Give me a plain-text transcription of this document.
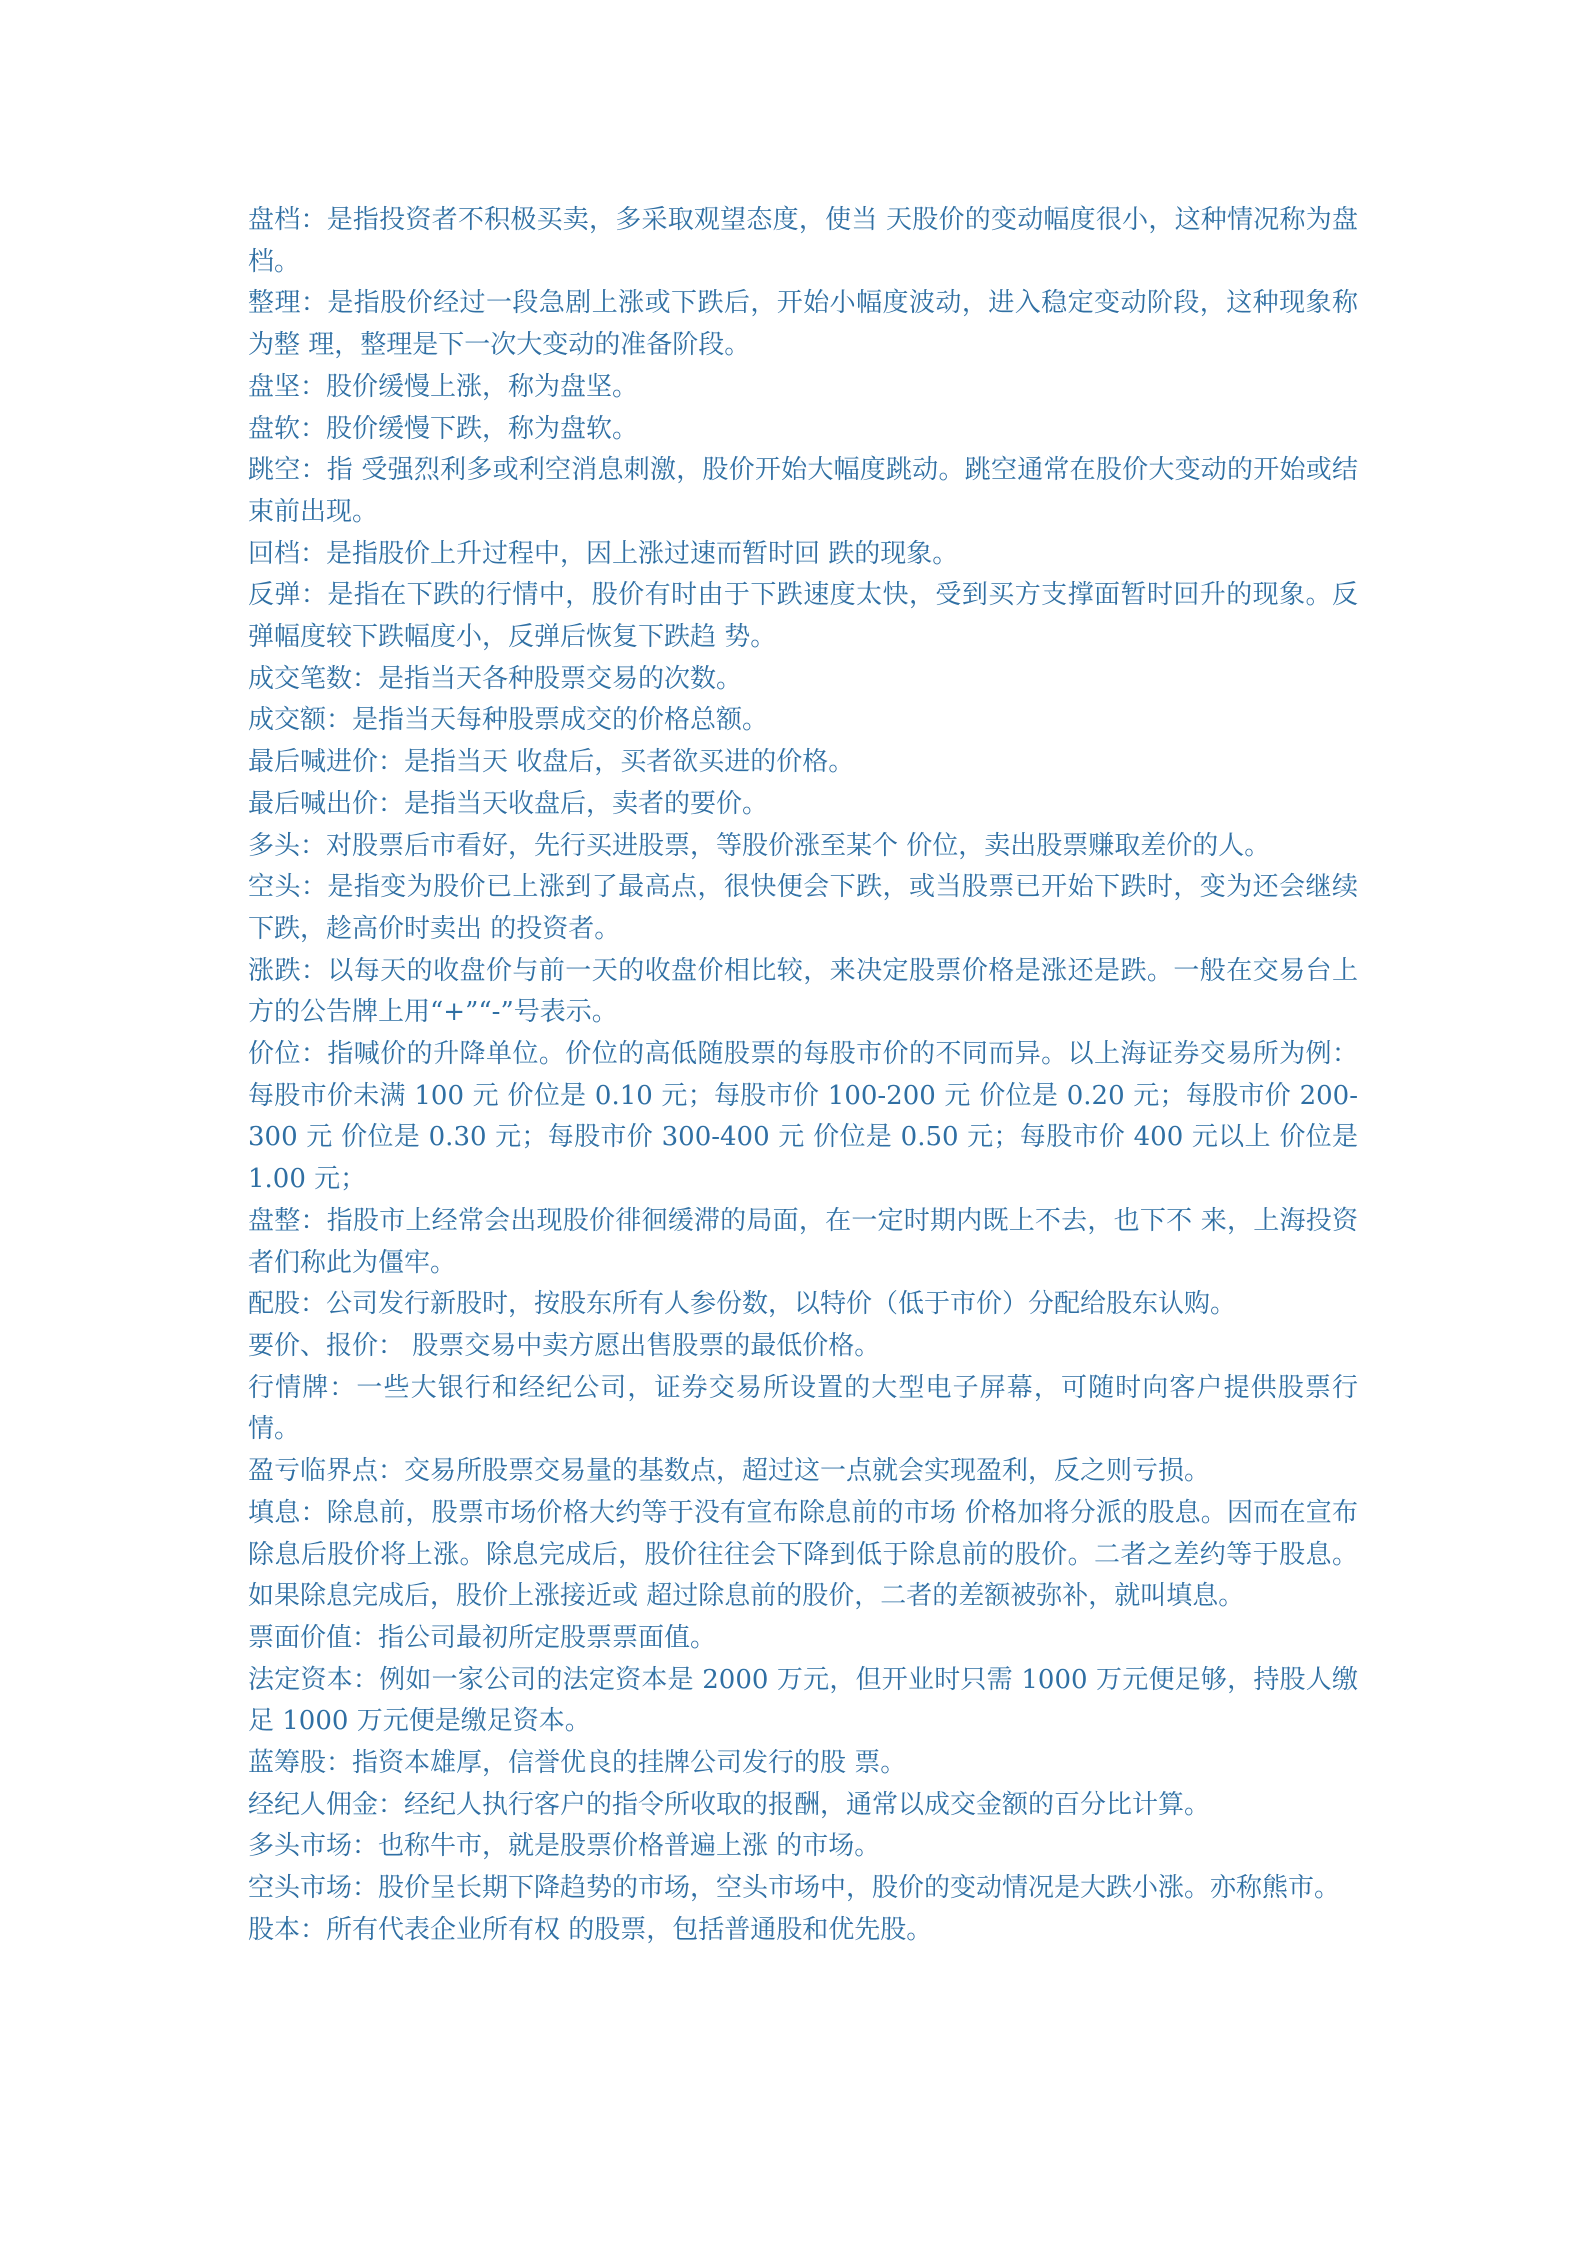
盘档：是指投资者不积极买卖，多采取观望态度，使当 天股价的变动幅度很小，这种情况称为盘档。

整理：是指股价经过一段急剧上涨或下跌后，开始小幅度波动，进入稳定变动阶段，这种现象称为整 理，整理是下一次大变动的准备阶段。

盘坚：股价缓慢上涨，称为盘坚。

盘软：股价缓慢下跌，称为盘软。

跳空：指 受强烈利多或利空消息刺激，股价开始大幅度跳动。跳空通常在股价大变动的开始或结束前出现。

回档：是指股价上升过程中，因上涨过速而暂时回 跌的现象。

反弹：是指在下跌的行情中，股价有时由于下跌速度太快，受到买方支撑面暂时回升的现象。反弹幅度较下跌幅度小，反弹后恢复下跌趋 势。

成交笔数：是指当天各种股票交易的次数。

成交额：是指当天每种股票成交的价格总额。

最后喊进价：是指当天 收盘后，买者欲买进的价格。

最后喊出价：是指当天收盘后，卖者的要价。

多头：对股票后市看好，先行买进股票，等股价涨至某个 价位，卖出股票赚取差价的人。

空头：是指变为股价已上涨到了最高点，很快便会下跌，或当股票已开始下跌时，变为还会继续下跌，趁高价时卖出 的投资者。

涨跌：以每天的收盘价与前一天的收盘价相比较，来决定股票价格是涨还是跌。一般在交易台上方的公告牌上用“+”“-”号表示。

价位：指喊价的升降单位。价位的高低随股票的每股市价的不同而异。以上海证券交易所为例：每股市价未满 100 元 价位是 0.10 元；每股市价 100-200 元 价位是 0.20 元；每股市价 200-300 元 价位是 0.30 元；每股市价 300-400 元 价位是 0.50 元；每股市价 400 元以上 价位是 1.00 元；

盘整：指股市上经常会出现股价徘徊缓滞的局面，在一定时期内既上不去，也下不 来，上海投资者们称此为僵牢。

配股：公司发行新股时，按股东所有人参份数，以特价（低于市价）分配给股东认购。

要价、报价： 股票交易中卖方愿出售股票的最低价格。

行情牌：一些大银行和经纪公司，证券交易所设置的大型电子屏幕，可随时向客户提供股票行情。

盈亏临界点：交易所股票交易量的基数点，超过这一点就会实现盈利，反之则亏损。

填息：除息前，股票市场价格大约等于没有宣布除息前的市场 价格加将分派的股息。因而在宣布除息后股价将上涨。除息完成后，股价往往会下降到低于除息前的股价。二者之差约等于股息。如果除息完成后，股价上涨接近或 超过除息前的股价，二者的差额被弥补，就叫填息。

票面价值：指公司最初所定股票票面值。

法定资本：例如一家公司的法定资本是 2000 万元，但开业时只需 1000 万元便足够，持股人缴足 1000 万元便是缴足资本。

蓝筹股：指资本雄厚，信誉优良的挂牌公司发行的股 票。

经纪人佣金：经纪人执行客户的指令所收取的报酬，通常以成交金额的百分比计算。

多头市场：也称牛市，就是股票价格普遍上涨 的市场。

空头市场：股价呈长期下降趋势的市场，空头市场中，股价的变动情况是大跌小涨。亦称熊市。

股本：所有代表企业所有权 的股票，包括普通股和优先股。
